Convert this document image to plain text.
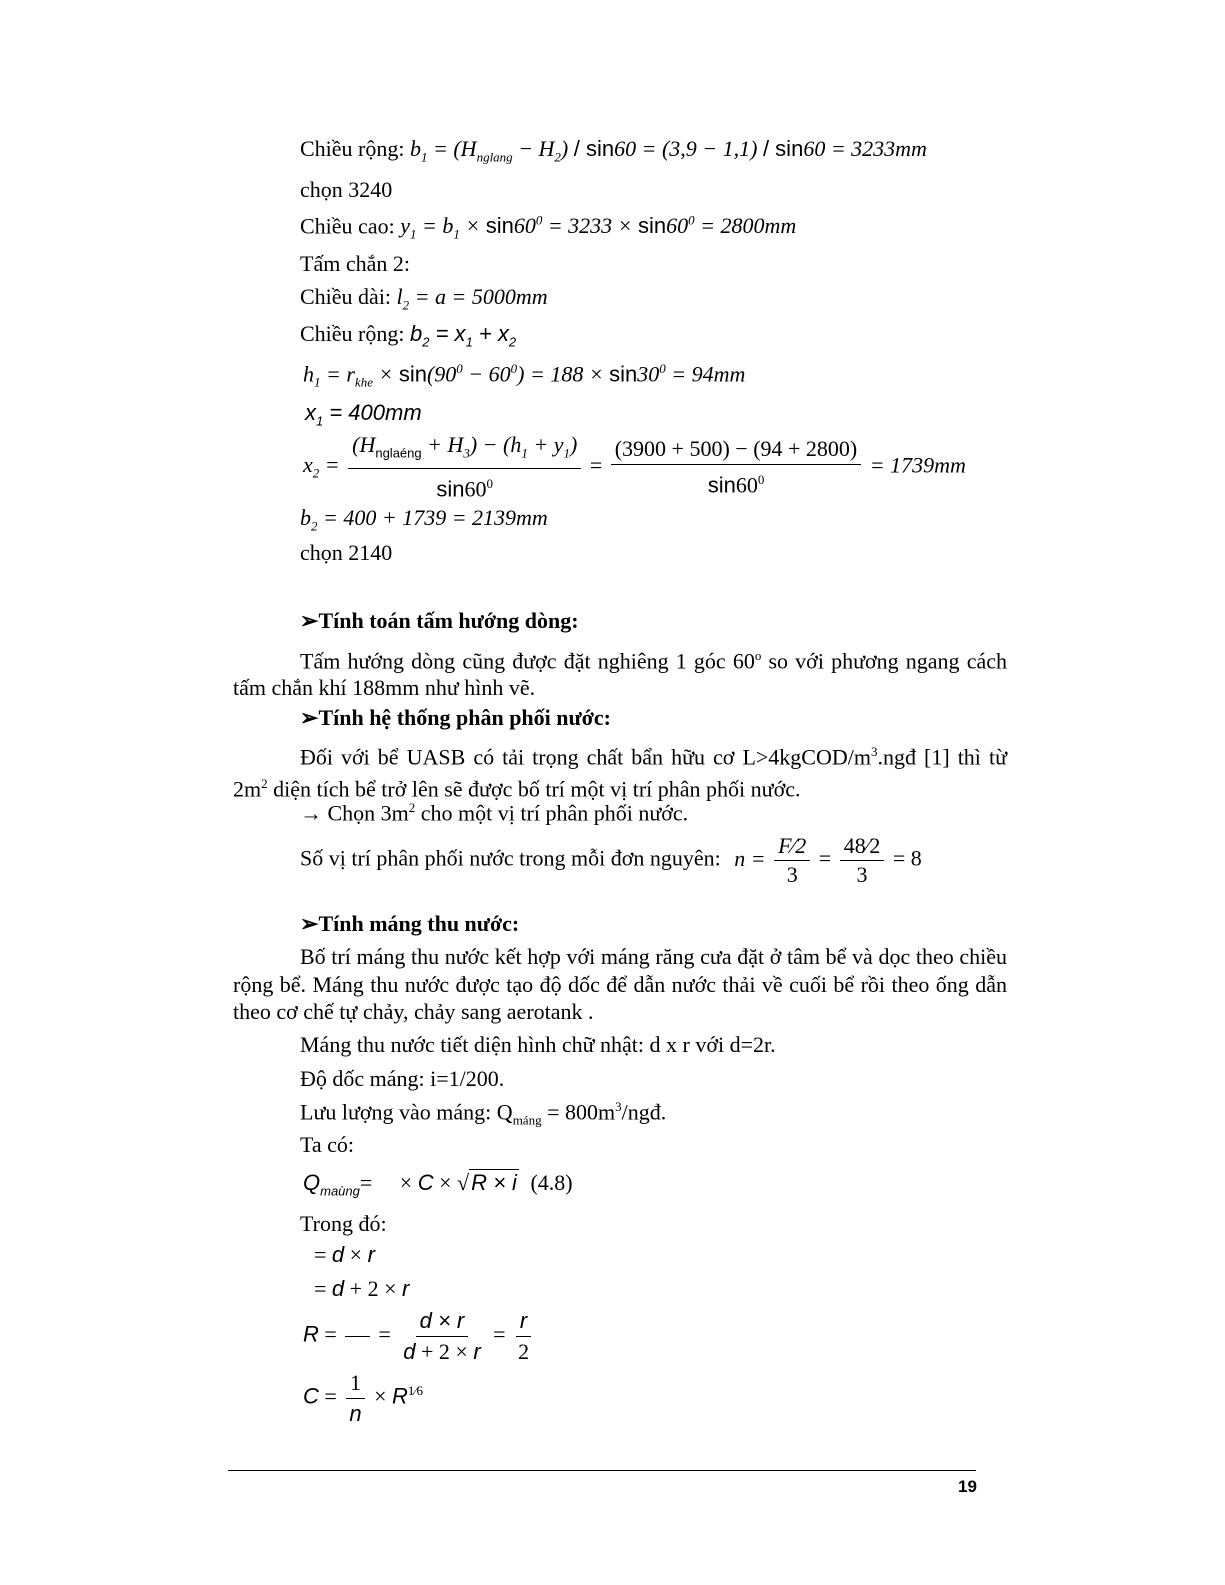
Chiều rộng: $b_1 = (H_{nglang} - H_2) / \sin 60 = (3,9 - 1,1) / \sin 60 = 3233mm$
chọn 3240
Chiều cao: $y_1 = b_1 \times \sin 60^0 = 3233 \times \sin 60^0 = 2800mm$
Tấm chắn 2:
Chiều dài: $l_2 = a = 5000mm$
Chiều rộng: $b_2 = x_1 + x_2$
$h_1 = r_{khe} \times \sin(90^0 - 60^0) = 188 \times \sin 30^0 = 94mm$
$x_1 = 400mm$
$x_2 = \frac{(H_{nglaéng} + H_3) - (h_1 + y_1)}{\sin 60^0} = \frac{(3900 + 500) - (94 + 2800)}{\sin 60^0} = 1739mm$
$b_2 = 400 + 1739 = 2139mm$
chọn 2140
➢Tính toán tấm hướng dòng:
Tấm hướng dòng cũng được đặt nghiêng 1 góc 60$^o$ so với phương ngang cách tấm chắn khí 188mm như hình vẽ.
➢Tính hệ thống phân phối nước:
Đối với bể UASB có tải trọng chất bẩn hữu cơ $L>4kgCOD/m^3.ngđ$ [1] thì từ $2m^2$ diện tích bể trở lên sẽ được bố trí một vị trí phân phối nước.
→ Chọn $3m^2$ cho một vị trí phân phối nước.
Số vị trí phân phối nước trong mỗi đơn nguyên: $n = \frac{F⁄2}{3} = \frac{48⁄2}{3} = 8$
➢Tính máng thu nước:
Bố trí máng thu nước kết hợp với máng răng cưa đặt ở tâm bể và dọc theo chiều rộng bể. Máng thu nước được tạo độ dốc để dẫn nước thải về cuối bể rồi theo ống dẫn theo cơ chế tự chảy, chảy sang aerotank .
Máng thu nước tiết diện hình chữ nhật: d x r với d=2r.
Độ dốc máng: i=1/200.
Lưu lượng vào máng: $Q_{máng}$ = $800m^3$/ngđ.
Ta có:
$Q_{maùng}=$     × C × √R × i (4.8)
Trong đó:
= d × r
= d + 2 × r
R =

= $\frac{d \times r}{d + 2 \times r} = \frac{r}{2}$
$C = \frac{1}{n} \times R^{1⁄6}$
19
